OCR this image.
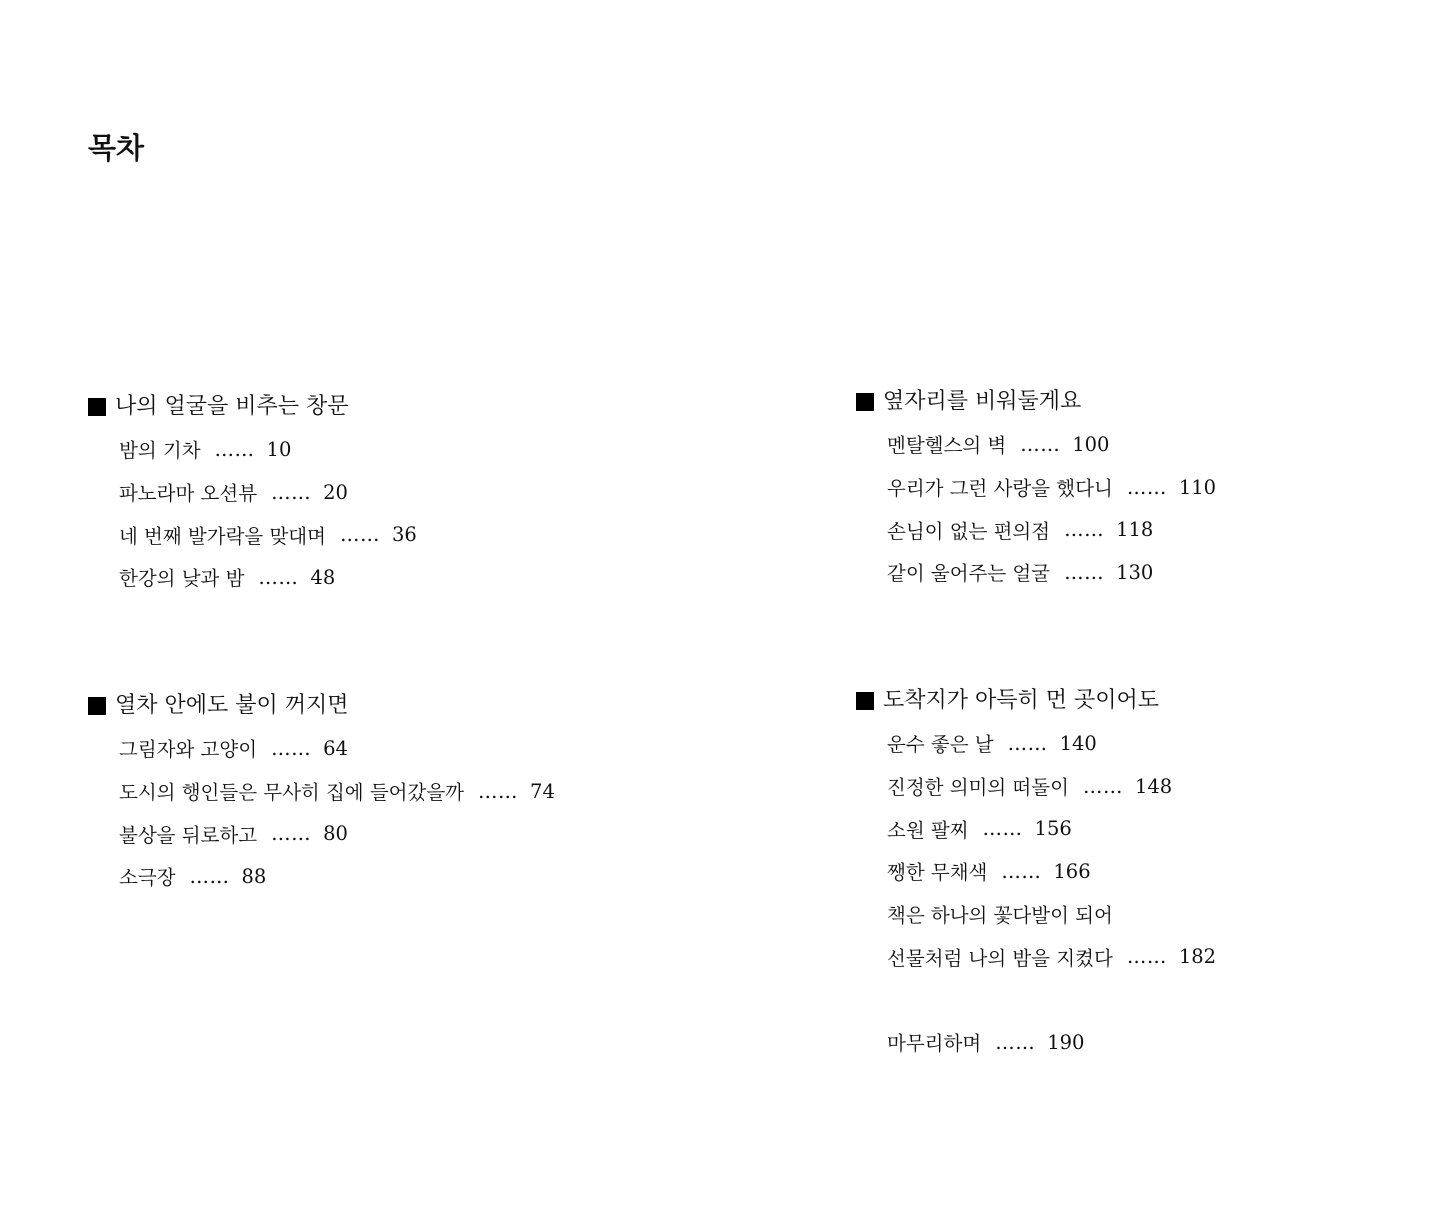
목차
나의 얼굴을 비추는 창문
밤의 기차 …… 10
파노라마 오션뷰 …… 20
네 번째 발가락을 맞대며 …… 36
한강의 낮과 밤 …… 48
열차 안에도 불이 꺼지면
그림자와 고양이 …… 64
도시의 행인들은 무사히 집에 들어갔을까 …… 74
불상을 뒤로하고 …… 80
소극장 …… 88
옆자리를 비워둘게요
멘탈헬스의 벽 …… 100
우리가 그런 사랑을 했다니 …… 110
손님이 없는 편의점 …… 118
같이 울어주는 얼굴 …… 130
도착지가 아득히 먼 곳이어도
운수 좋은 날 …… 140
진정한 의미의 떠돌이 …… 148
소원 팔찌 …… 156
쨍한 무채색 …… 166
책은 하나의 꽃다발이 되어
선물처럼 나의 밤을 지켰다 …… 182
마무리하며 …… 190
